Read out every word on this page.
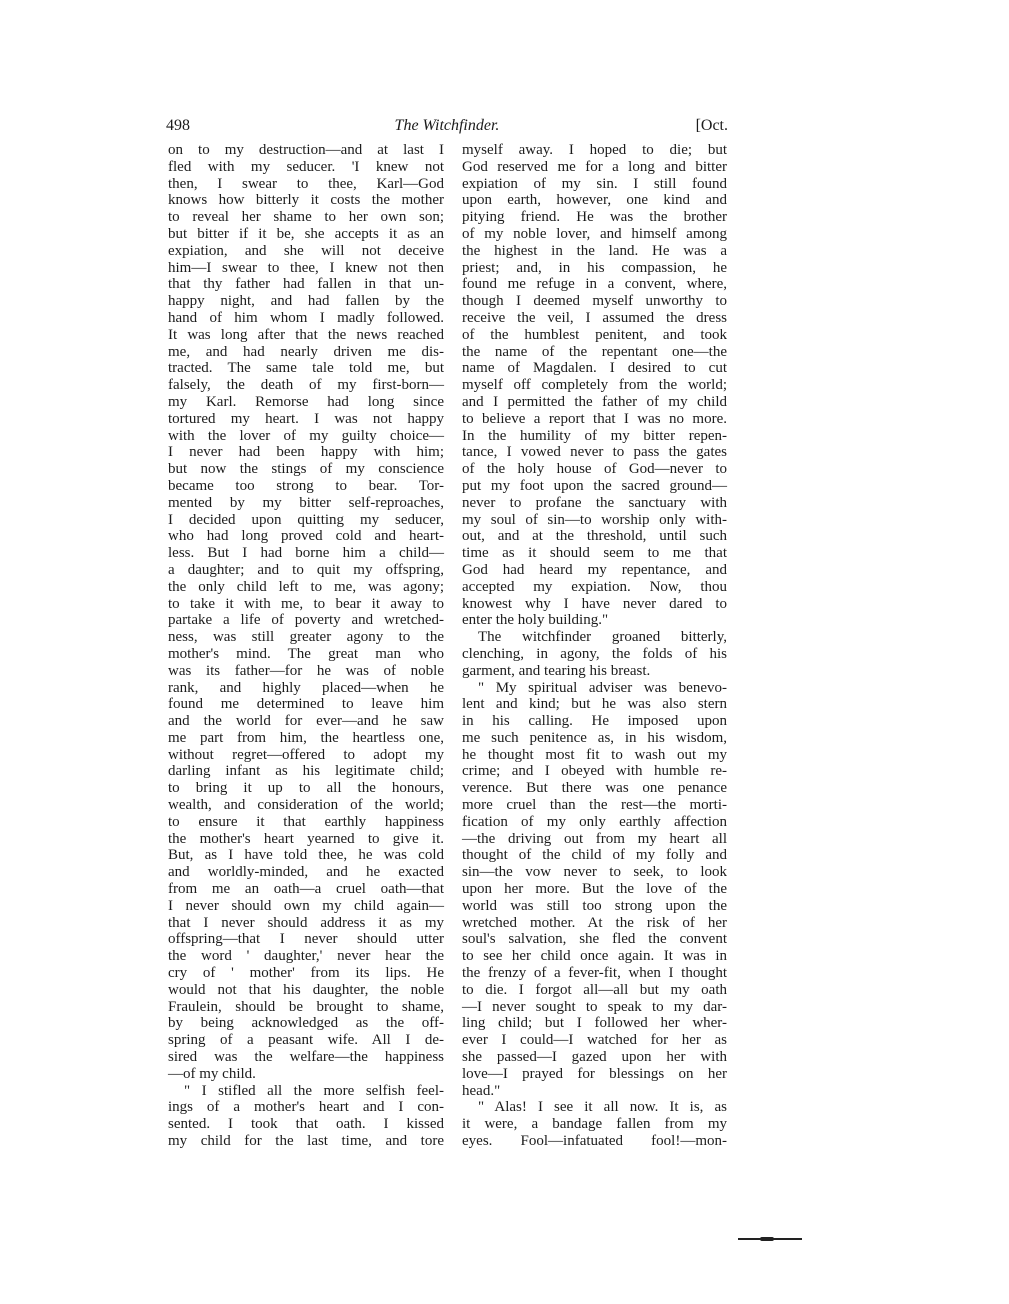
498	The Witchfinder.	[Oct.
on to my destruction—and at last I
fled with my seducer. 'I knew not
then, I swear to thee, Karl—God
knows how bitterly it costs the mother
to reveal her shame to her own son;
but bitter if it be, she accepts it as an
expiation, and she will not deceive
him—I swear to thee, I knew not then
that thy father had fallen in that un-
happy night, and had fallen by the
hand of him whom I madly followed.
It was long after that the news reached
me, and had nearly driven me dis-
tracted. The same tale told me, but
falsely, the death of my first-born—
my Karl. Remorse had long since
tortured my heart. I was not happy
with the lover of my guilty choice—
I never had been happy with him;
but now the stings of my conscience
became too strong to bear. Tor-
mented by my bitter self-reproaches,
I decided upon quitting my seducer,
who had long proved cold and heart-
less. But I had borne him a child—
a daughter; and to quit my offspring,
the only child left to me, was agony;
to take it with me, to bear it away to
partake a life of poverty and wretched-
ness, was still greater agony to the
mother's mind. The great man who
was its father—for he was of noble
rank, and highly placed—when he
found me determined to leave him
and the world for ever—and he saw
me part from him, the heartless one,
without regret—offered to adopt my
darling infant as his legitimate child;
to bring it up to all the honours,
wealth, and consideration of the world;
to ensure it that earthly happiness
the mother's heart yearned to give it.
But, as I have told thee, he was cold
and worldly-minded, and he exacted
from me an oath—a cruel oath—that
I never should own my child again—
that I never should address it as my
offspring—that I never should utter
the word ' daughter,' never hear the
cry of ' mother' from its lips. He
would not that his daughter, the noble
Fraulein, should be brought to shame,
by being acknowledged as the off-
spring of a peasant wife. All I de-
sired was the welfare—the happiness
—of my child.
" I stifled all the more selfish feel-
ings of a mother's heart and I con-
sented. I took that oath. I kissed
my child for the last time, and tore
myself away. I hoped to die; but
God reserved me for a long and bitter
expiation of my sin. I still found
upon earth, however, one kind and
pitying friend. He was the brother
of my noble lover, and himself among
the highest in the land. He was a
priest; and, in his compassion, he
found me refuge in a convent, where,
though I deemed myself unworthy to
receive the veil, I assumed the dress
of the humblest penitent, and took
the name of the repentant one—the
name of Magdalen. I desired to cut
myself off completely from the world;
and I permitted the father of my child
to believe a report that I was no more.
In the humility of my bitter repen-
tance, I vowed never to pass the gates
of the holy house of God—never to
put my foot upon the sacred ground—
never to profane the sanctuary with
my soul of sin—to worship only with-
out, and at the threshold, until such
time as it should seem to me that
God had heard my repentance, and
accepted my expiation. Now, thou
knowest why I have never dared to
enter the holy building."
The witchfinder groaned bitterly,
clenching, in agony, the folds of his
garment, and tearing his breast.
" My spiritual adviser was benevo-
lent and kind; but he was also stern
in his calling. He imposed upon
me such penitence as, in his wisdom,
he thought most fit to wash out my
crime; and I obeyed with humble re-
verence. But there was one penance
more cruel than the rest—the morti-
fication of my only earthly affection
—the driving out from my heart all
thought of the child of my folly and
sin—the vow never to seek, to look
upon her more. But the love of the
world was still too strong upon the
wretched mother. At the risk of her
soul's salvation, she fled the convent
to see her child once again. It was in
the frenzy of a fever-fit, when I thought
to die. I forgot all—all but my oath
—I never sought to speak to my dar-
ling child; but I followed her wher-
ever I could—I watched for her as
she passed—I gazed upon her with
love—I prayed for blessings on her
head."
" Alas! I see it all now. It is, as
it were, a bandage fallen from my
eyes. Fool—infatuated fool!—mon-
